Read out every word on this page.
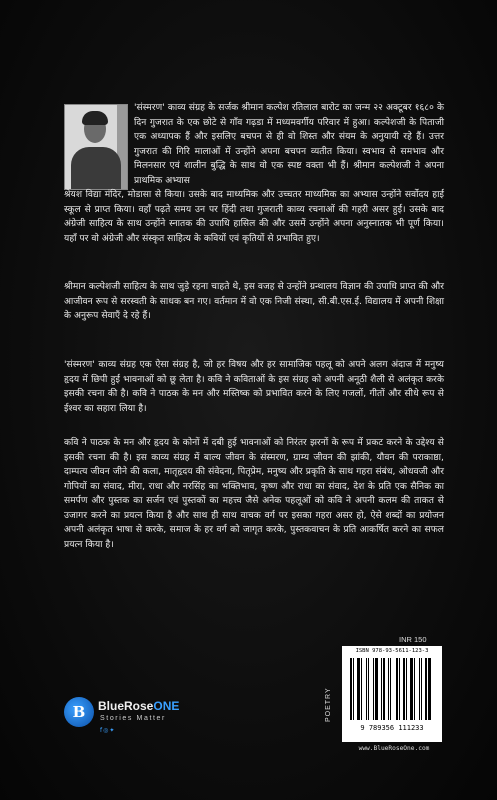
'संस्मरण' काव्य संग्रह के सर्जक श्रीमान कल्पेश रतिलाल बारोट का जन्म २२ अक्टूबर १६८० के दिन गुजरात के एक छोटे से गाँव गढ़डा में मध्यमवर्गीय परिवार में हुआ। कल्पेशजी के पिताजी एक अध्यापक हैं और इसलिए बचपन से ही वो शिस्त और संयम के अनुयायी रहे हैं। उत्तर गुजरात की गिरि मालाओं में उन्होंने अपना बचपन व्यतीत किया। स्वभाव से समभाव और मिलनसार एवं शालीन बुद्धि के साथ वो एक स्पष्ट वक्ता भी हैं। श्रीमान कल्पेशजी ने अपना प्राथमिक अभ्यास
श्रेयश विद्या मंदिर, मोडासा से किया। उसके बाद माध्यमिक और उच्चतर माध्यमिक का अभ्यास उन्होंने सर्वोदय हाई स्कूल से प्राप्त किया। वहाँ पढ़ते समय उन पर हिंदी तथा गुजराती काव्य रचनाओं की गहरी असर हुई। उसके बाद अंग्रेजी साहित्य के साथ उन्होंने स्नातक की उपाधि हासिल की और उसमें उन्होंने अपना अनुस्नातक भी पूर्ण किया। यहाँ पर वो अंग्रेजी और संस्कृत साहित्य के कवियों एवं कृतियों से प्रभावित हुए।
श्रीमान कल्पेशजी साहित्य के साथ जुड़े रहना चाहते थे, इस वजह से उन्होंने ग्रन्थालय विज्ञान की उपाधि प्राप्त की और आजीवन रूप से सरस्वती के साधक बन गए। वर्तमान में वो एक निजी संस्था, सी.बी.एस.ई. विद्यालय में अपनी शिक्षा के अनुरूप सेवाएँ दे रहे हैं।
'संस्मरण' काव्य संग्रह एक ऐसा संग्रह है, जो हर विषय और हर सामाजिक पहलू को अपने अलग अंदाज में मनुष्य हृदय में छिपी हुई भावनाओं को छू लेता है। कवि ने कविताओं के इस संग्रह को अपनी अनूठी शैली से अलंकृत करके इसकी रचना की है। कवि ने पाठक के मन और मस्तिष्क को प्रभावित करने के लिए गजलों, गीतों और सीधे रूप से ईश्वर का सहारा लिया है।
कवि ने पाठक के मन और हृदय के कोनों में दबी हुई भावनाओं को निरंतर झरनों के रूप में प्रकट करने के उद्देश्य से इसकी रचना की है। इस काव्य संग्रह में बाल्य जीवन के संस्मरण, ग्राम्य जीवन की झांकी, यौवन की पराकाष्ठा, दाम्पत्य जीवन जीने की कला, मातृहृदय की संवेदना, पितृप्रेम, मनुष्य और प्रकृति के साथ गहरा संबंध, ओधवजी और गोपियों का संवाद, मीरा, राधा और नरसिंह का भक्तिभाव, कृष्ण और राधा का संवाद, देश के प्रति एक सैनिक का समर्पण और पुस्तक का सर्जन एवं पुस्तकों का महत्त्व जैसे अनेक पहलूओं को कवि ने अपनी कलम की ताकत से उजागर करने का प्रयत्न किया है और साथ ही साथ वाचक वर्ग पर इसका गहरा असर हो, ऐसे शब्दों का प्रयोजन अपनी अलंकृत भाषा से करके, समाज के हर वर्ग को जागृत करके, पुस्तकवाचन के प्रति आकर्षित करने का सफल प्रयत्न किया है।
INR 150
ISBN 978-93-5611-123-3
9 789356 111233
POETRY
www.BlueRoseOne.com
B	BlueRoseONE
Stories Matter
f◎✦
